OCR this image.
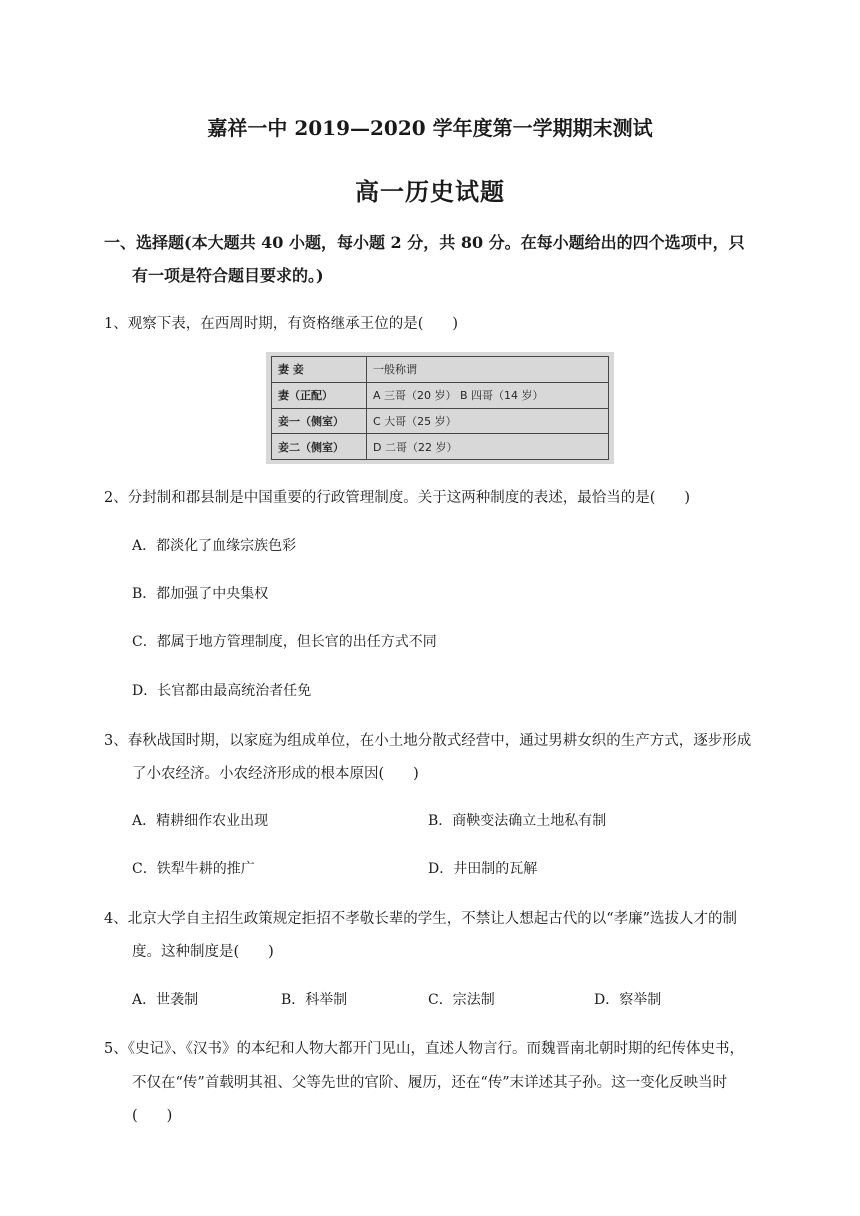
嘉祥一中 2019—2020 学年度第一学期期末测试
高一历史试题
一、选择题(本大题共 40 小题，每小题 2 分，共 80 分。在每小题给出的四个选项中，只
有一项是符合题目要求的。)
1、观察下表，在西周时期，有资格继承王位的是(　　)
妻 妾	一般称谓
妻（正配）	A 三哥（20 岁） B 四哥（14 岁）
妾一（侧室）	C 大哥（25 岁）
妾二（侧室）	D 二哥（22 岁）
2、分封制和郡县制是中国重要的行政管理制度。关于这两种制度的表述，最恰当的是(　　)
A．都淡化了血缘宗族色彩
B．都加强了中央集权
C．都属于地方管理制度，但长官的出任方式不同
D．长官都由最高统治者任免
3、春秋战国时期，以家庭为组成单位，在小土地分散式经营中，通过男耕女织的生产方式，逐步形成
了小农经济。小农经济形成的根本原因(　　)
A．精耕细作农业出现	B．商鞅变法确立土地私有制
C．铁犁牛耕的推广	D．井田制的瓦解
4、北京大学自主招生政策规定拒招不孝敬长辈的学生，不禁让人想起古代的以“孝廉”选拔人才的制
度。这种制度是(　　)
A．世袭制	B．科举制	C．宗法制	D．察举制
5、《史记》、《汉书》的本纪和人物大都开门见山，直述人物言行。而魏晋南北朝时期的纪传体史书，
不仅在“传”首载明其祖、父等先世的官阶、履历，还在“传”末详述其子孙。这一变化反映当时
(　　)
